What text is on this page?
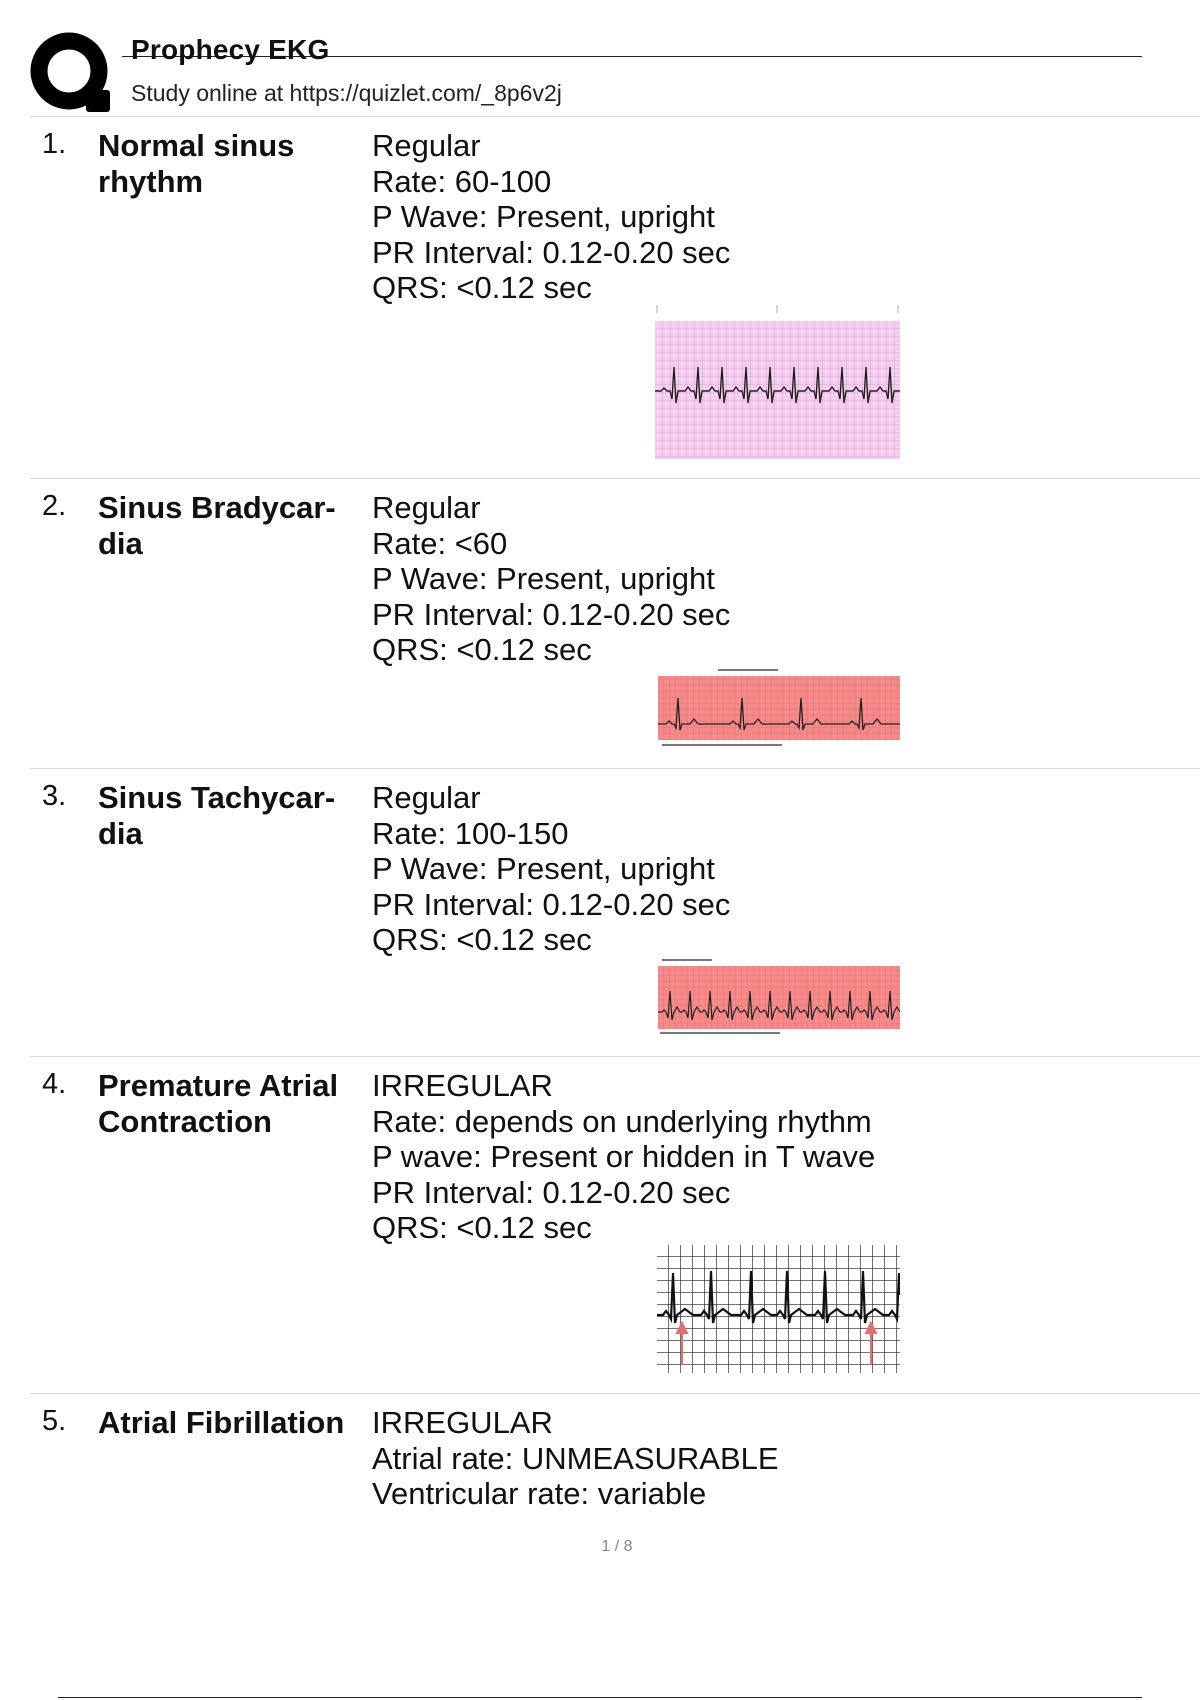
Prophecy EKG
Study online at https://quizlet.com/_8p6v2j
1. Normal sinus rhythm
Regular
Rate: 60-100
P Wave: Present, upright
PR Interval: 0.12-0.20 sec
QRS: <0.12 sec
2. Sinus Bradycar-dia
Regular
Rate: <60
P Wave: Present, upright
PR Interval: 0.12-0.20 sec
QRS: <0.12 sec
3. Sinus Tachycar-dia
Regular
Rate: 100-150
P Wave: Present, upright
PR Interval: 0.12-0.20 sec
QRS: <0.12 sec
4. Premature Atrial Contraction
IRREGULAR
Rate: depends on underlying rhythm
P wave: Present or hidden in T wave
PR Interval: 0.12-0.20 sec
QRS: <0.12 sec
5. Atrial Fibrillation IRREGULAR
Atrial rate: UNMEASURABLE
Ventricular rate: variable
1 / 8
